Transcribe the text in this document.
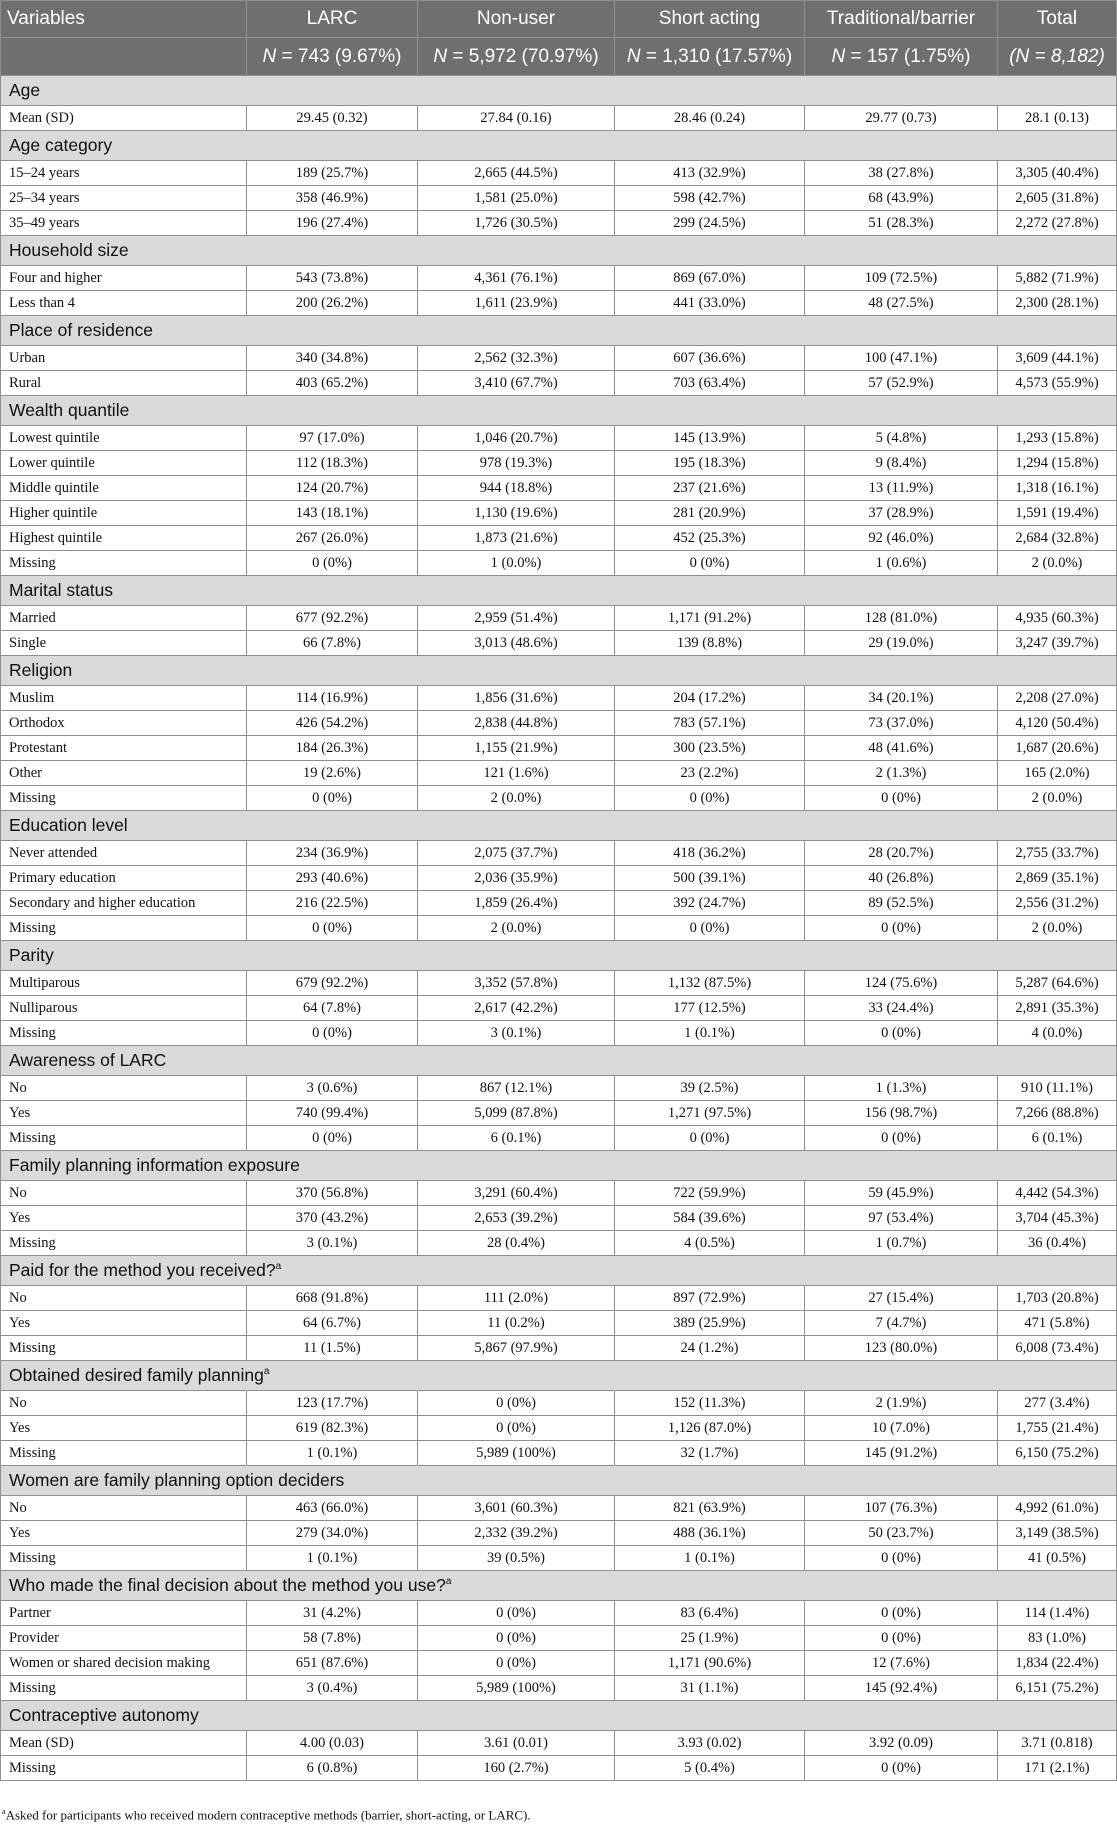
Variables	LARC	Non-user	Short acting	Traditional/barrier	Total
	N = 743 (9.67%)	N = 5,972 (70.97%)	N = 1,310 (17.57%)	N = 157 (1.75%)	(N = 8,182)
Age					
Mean (SD)	29.45 (0.32)	27.84 (0.16)	28.46 (0.24)	29.77 (0.73)	28.1 (0.13)
Age category					
15–24 years	189 (25.7%)	2,665 (44.5%)	413 (32.9%)	38 (27.8%)	3,305 (40.4%)
25–34 years	358 (46.9%)	1,581 (25.0%)	598 (42.7%)	68 (43.9%)	2,605 (31.8%)
35–49 years	196 (27.4%)	1,726 (30.5%)	299 (24.5%)	51 (28.3%)	2,272 (27.8%)
Household size					
Four and higher	543 (73.8%)	4,361 (76.1%)	869 (67.0%)	109 (72.5%)	5,882 (71.9%)
Less than 4	200 (26.2%)	1,611 (23.9%)	441 (33.0%)	48 (27.5%)	2,300 (28.1%)
Place of residence					
Urban	340 (34.8%)	2,562 (32.3%)	607 (36.6%)	100 (47.1%)	3,609 (44.1%)
Rural	403 (65.2%)	3,410 (67.7%)	703 (63.4%)	57 (52.9%)	4,573 (55.9%)
Wealth quantile					
Lowest quintile	97 (17.0%)	1,046 (20.7%)	145 (13.9%)	5 (4.8%)	1,293 (15.8%)
Lower quintile	112 (18.3%)	978 (19.3%)	195 (18.3%)	9 (8.4%)	1,294 (15.8%)
Middle quintile	124 (20.7%)	944 (18.8%)	237 (21.6%)	13 (11.9%)	1,318 (16.1%)
Higher quintile	143 (18.1%)	1,130 (19.6%)	281 (20.9%)	37 (28.9%)	1,591 (19.4%)
Highest quintile	267 (26.0%)	1,873 (21.6%)	452 (25.3%)	92 (46.0%)	2,684 (32.8%)
Missing	0 (0%)	1 (0.0%)	0 (0%)	1 (0.6%)	2 (0.0%)
Marital status					
Married	677 (92.2%)	2,959 (51.4%)	1,171 (91.2%)	128 (81.0%)	4,935 (60.3%)
Single	66 (7.8%)	3,013 (48.6%)	139 (8.8%)	29 (19.0%)	3,247 (39.7%)
Religion					
Muslim	114 (16.9%)	1,856 (31.6%)	204 (17.2%)	34 (20.1%)	2,208 (27.0%)
Orthodox	426 (54.2%)	2,838 (44.8%)	783 (57.1%)	73 (37.0%)	4,120 (50.4%)
Protestant	184 (26.3%)	1,155 (21.9%)	300 (23.5%)	48 (41.6%)	1,687 (20.6%)
Other	19 (2.6%)	121 (1.6%)	23 (2.2%)	2 (1.3%)	165 (2.0%)
Missing	0 (0%)	2 (0.0%)	0 (0%)	0 (0%)	2 (0.0%)
Education level					
Never attended	234 (36.9%)	2,075 (37.7%)	418 (36.2%)	28 (20.7%)	2,755 (33.7%)
Primary education	293 (40.6%)	2,036 (35.9%)	500 (39.1%)	40 (26.8%)	2,869 (35.1%)
Secondary and higher education	216 (22.5%)	1,859 (26.4%)	392 (24.7%)	89 (52.5%)	2,556 (31.2%)
Missing	0 (0%)	2 (0.0%)	0 (0%)	0 (0%)	2 (0.0%)
Parity					
Multiparous	679 (92.2%)	3,352 (57.8%)	1,132 (87.5%)	124 (75.6%)	5,287 (64.6%)
Nulliparous	64 (7.8%)	2,617 (42.2%)	177 (12.5%)	33 (24.4%)	2,891 (35.3%)
Missing	0 (0%)	3 (0.1%)	1 (0.1%)	0 (0%)	4 (0.0%)
Awareness of LARC					
No	3 (0.6%)	867 (12.1%)	39 (2.5%)	1 (1.3%)	910 (11.1%)
Yes	740 (99.4%)	5,099 (87.8%)	1,271 (97.5%)	156 (98.7%)	7,266 (88.8%)
Missing	0 (0%)	6 (0.1%)	0 (0%)	0 (0%)	6 (0.1%)
Family planning information exposure					
No	370 (56.8%)	3,291 (60.4%)	722 (59.9%)	59 (45.9%)	4,442 (54.3%)
Yes	370 (43.2%)	2,653 (39.2%)	584 (39.6%)	97 (53.4%)	3,704 (45.3%)
Missing	3 (0.1%)	28 (0.4%)	4 (0.5%)	1 (0.7%)	36 (0.4%)
Paid for the method you received?$^a$
No	668 (91.8%)	111 (2.0%)	897 (72.9%)	27 (15.4%)	1,703 (20.8%)
Yes	64 (6.7%)	11 (0.2%)	389 (25.9%)	7 (4.7%)	471 (5.8%)
Missing	11 (1.5%)	5,867 (97.9%)	24 (1.2%)	123 (80.0%)	6,008 (73.4%)
Obtained desired family planning$^a$
No	123 (17.7%)	0 (0%)	152 (11.3%)	2 (1.9%)	277 (3.4%)
Yes	619 (82.3%)	0 (0%)	1,126 (87.0%)	10 (7.0%)	1,755 (21.4%)
Missing	1 (0.1%)	5,989 (100%)	32 (1.7%)	145 (91.2%)	6,150 (75.2%)
Women are family planning option deciders					
No	463 (66.0%)	3,601 (60.3%)	821 (63.9%)	107 (76.3%)	4,992 (61.0%)
Yes	279 (34.0%)	2,332 (39.2%)	488 (36.1%)	50 (23.7%)	3,149 (38.5%)
Missing	1 (0.1%)	39 (0.5%)	1 (0.1%)	0 (0%)	41 (0.5%)
Who made the final decision about the method you use?$^a$
Partner	31 (4.2%)	0 (0%)	83 (6.4%)	0 (0%)	114 (1.4%)
Provider	58 (7.8%)	0 (0%)	25 (1.9%)	0 (0%)	83 (1.0%)
Women or shared decision making	651 (87.6%)	0 (0%)	1,171 (90.6%)	12 (7.6%)	1,834 (22.4%)
Missing	3 (0.4%)	5,989 (100%)	31 (1.1%)	145 (92.4%)	6,151 (75.2%)
Contraceptive autonomy					
Mean (SD)	4.00 (0.03)	3.61 (0.01)	3.93 (0.02)	3.92 (0.09)	3.71 (0.818)
Missing	6 (0.8%)	160 (2.7%)	5 (0.4%)	0 (0%)	171 (2.1%)
$^a$Asked for participants who received modern contraceptive methods (barrier, short-acting, or LARC).
